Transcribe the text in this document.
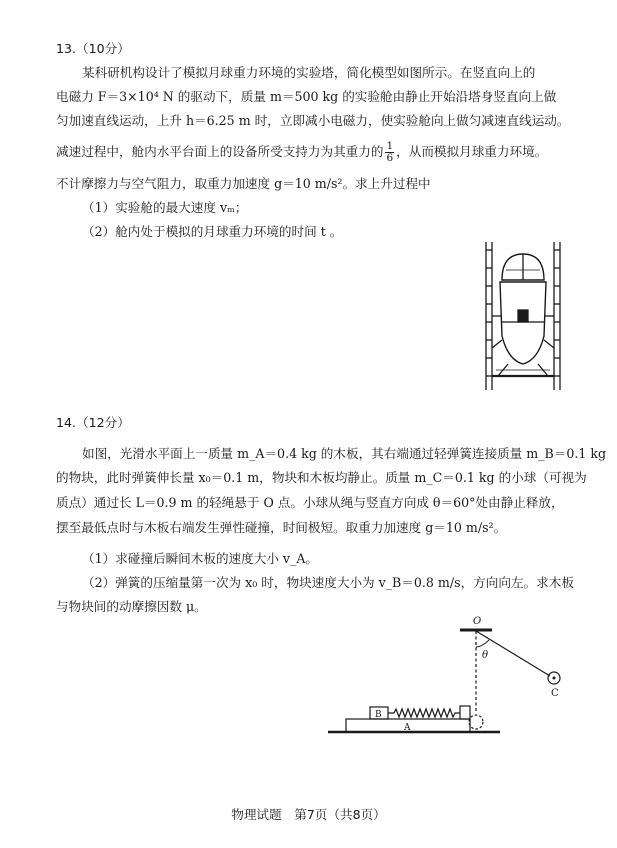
13.（10分）
某科研机构设计了模拟月球重力环境的实验塔，简化模型如图所示。在竖直向上的
电磁力 F＝3×10⁴ N 的驱动下，质量 m＝500 kg 的实验舱由静止开始沿塔身竖直向上做
匀加速直线运动，上升 h＝6.25 m 时，立即减小电磁力，使实验舱向上做匀减速直线运动。
减速过程中，舱内水平台面上的设备所受支持力为其重力的 $\frac{1}{6}$ ，从而模拟月球重力环境。
不计摩擦力与空气阻力，取重力加速度 g＝10 m/s²。求上升过程中
（1）实验舱的最大速度 vₘ；
（2）舱内处于模拟的月球重力环境的时间 t 。
14.（12分）
如图，光滑水平面上一质量 m_A＝0.4 kg 的木板，其右端通过轻弹簧连接质量 m_B＝0.1 kg
的物块，此时弹簧伸长量 x₀＝0.1 m，物块和木板均静止。质量 m_C＝0.1 kg 的小球（可视为
质点）通过长 L＝0.9 m 的轻绳悬于 O 点。小球从绳与竖直方向成 θ＝60°处由静止释放，
摆至最低点时与木板右端发生弹性碰撞，时间极短。取重力加速度 g＝10 m/s²。
（1）求碰撞后瞬间木板的速度大小 v_A。
（2）弹簧的压缩量第一次为 x₀ 时，物块速度大小为 v_B＝0.8 m/s，方向向左。求木板
与物块间的动摩擦因数 μ。
O
θ
C
B
A
物理试题　第7页（共8页）
